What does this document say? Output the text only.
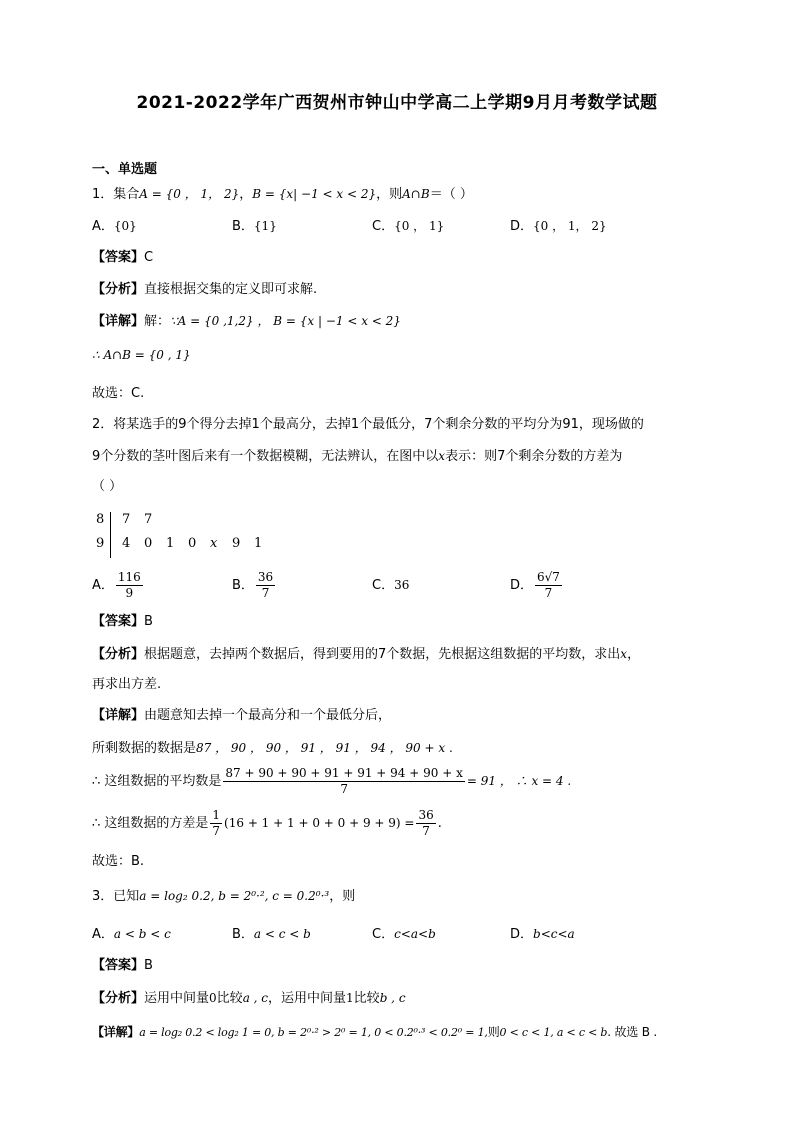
2021-2022学年广西贺州市钟山中学高二上学期9月月考数学试题
一、单选题
1．集合A = {0 ， 1， 2}，B = {x| −1 < x < 2}，则A∩B＝（ ）
A．{0}	B．{1}	C．{0 ， 1}	D．{0 ， 1， 2}
【答案】C
【分析】直接根据交集的定义即可求解.
【详解】解：∵A = {0 ,1,2} ， B = {x | −1 < x < 2}
∴ A∩B = {0 , 1}
故选：C.
2．将某选手的9个得分去掉1个最高分，去掉1个最低分，7个剩余分数的平均分为91，现场做的
9个分数的茎叶图后来有一个数据模糊，无法辨认，在图中以x表示：则7个剩余分数的方差为
（ ）
8 7 7
9 4 0 1 0 x 9 1
A． $\frac{116}{9}$	B． $\frac{36}{7}$	C．36	D． $\frac{6√7}{7}$
【答案】B
【分析】根据题意，去掉两个数据后，得到要用的7个数据，先根据这组数据的平均数，求出x，
再求出方差.
【详解】由题意知去掉一个最高分和一个最低分后，
所剩数据的数据是87 ， 90 ， 90 ， 91 ， 91 ， 94 ， 90 + x .
∴ 这组数据的平均数是 $\frac{87 + 90 + 90 + 91 + 91 + 94 + 90 + x}{7} = 91$ ， ∴ x = 4 .
∴ 这组数据的方差是 $\frac{1}{7} (16 + 1 + 1 + 0 + 0 + 9 + 9) = \frac{36}{7}$ .
故选：B.
3．已知a = log₂ 0.2, b = 2⁰·², c = 0.2⁰·³，则
A．a < b < c	B．a < c < b	C．c<a<b	D．b<c<a
【答案】B
【分析】运用中间量0比较a , c，运用中间量1比较b , c
【详解】a = log₂ 0.2 < log₂ 1 = 0, b = 2⁰·² > 2⁰ = 1, 0 < 0.2⁰·³ < 0.2⁰ = 1,则0 < c < 1, a < c < b. 故选 B .
